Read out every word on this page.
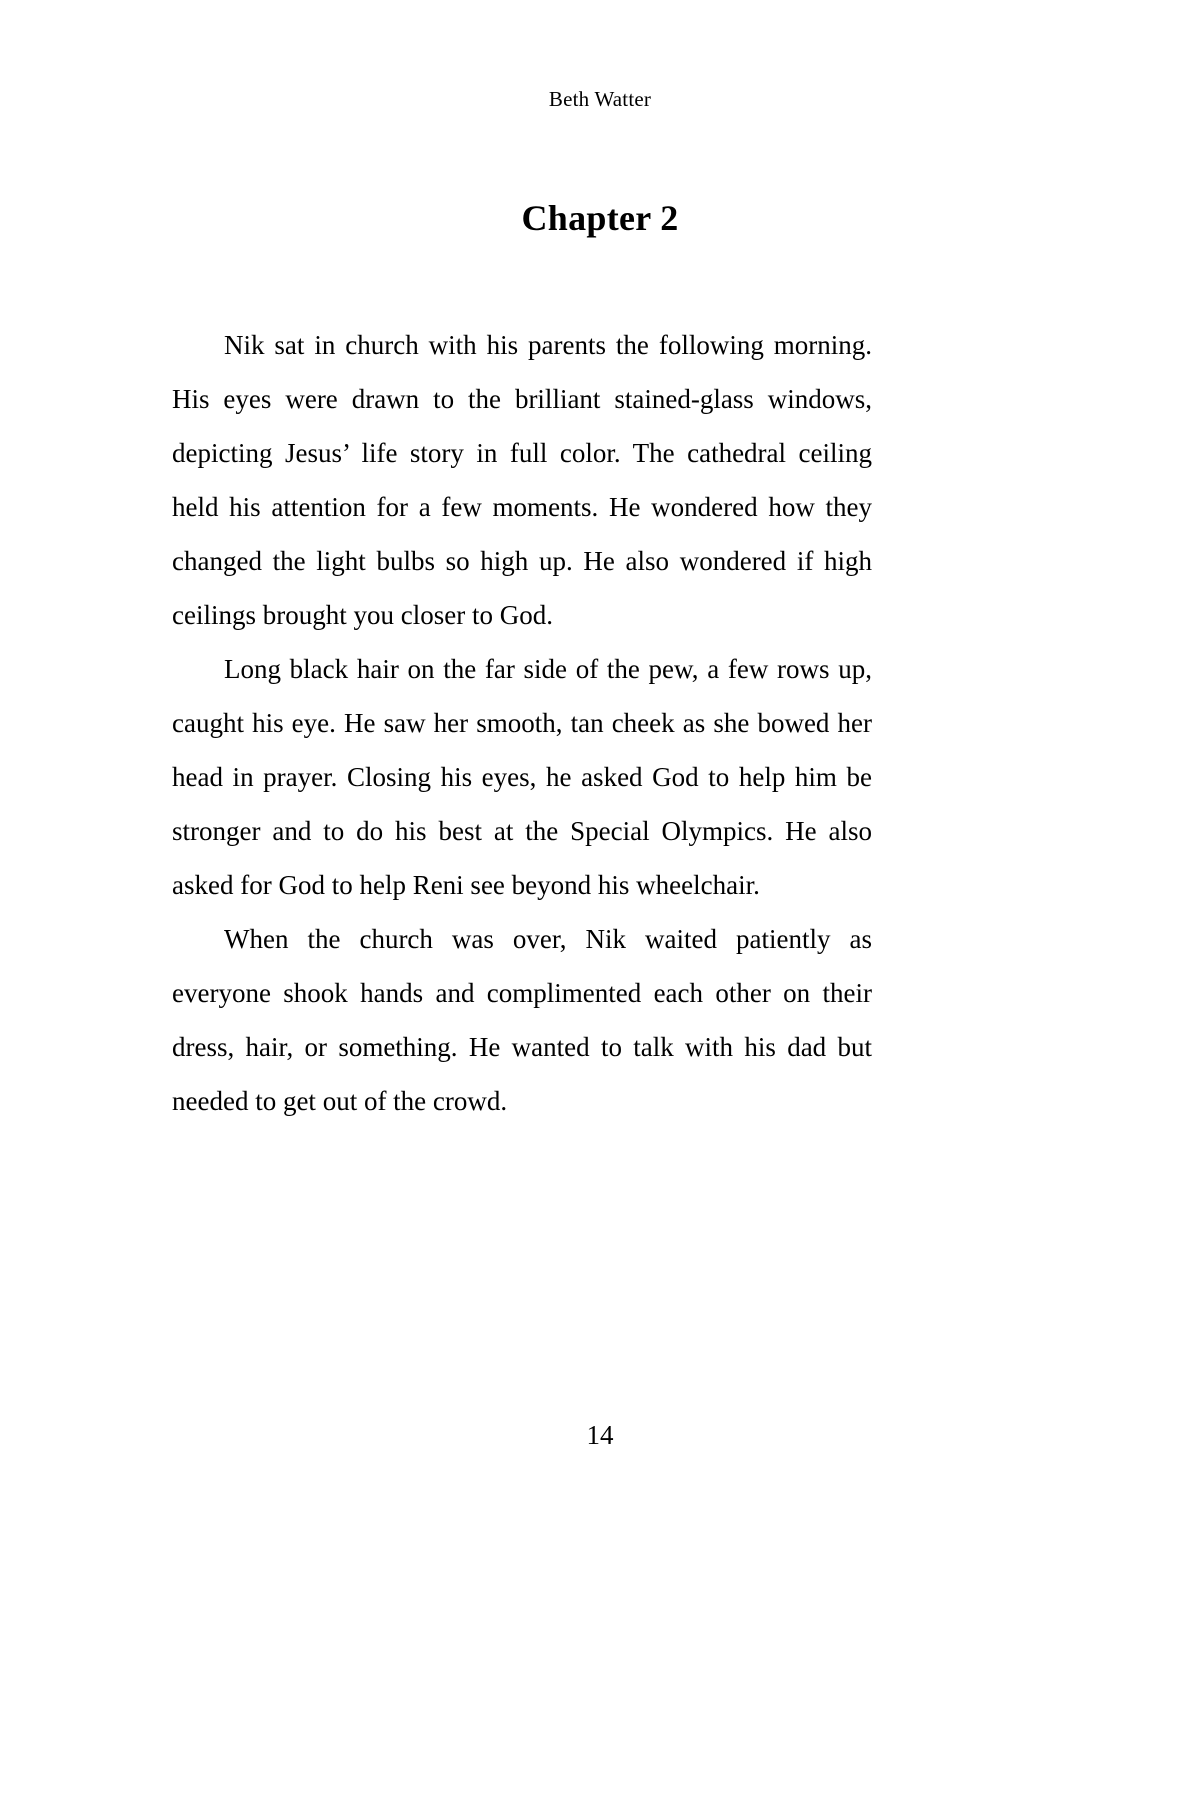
Beth Watter
Chapter 2

Nik sat in church with his parents the following morning. His eyes were drawn to the brilliant stained-glass windows, depicting Jesus’ life story in full color. The cathedral ceiling held his attention for a few moments. He wondered how they changed the light bulbs so high up. He also wondered if high ceilings brought you closer to God.

Long black hair on the far side of the pew, a few rows up, caught his eye. He saw her smooth, tan cheek as she bowed her head in prayer. Closing his eyes, he asked God to help him be stronger and to do his best at the Special Olympics. He also asked for God to help Reni see beyond his wheelchair.

When the church was over, Nik waited patiently as everyone shook hands and complimented each other on their dress, hair, or something. He wanted to talk with his dad but needed to get out of the crowd.

14
